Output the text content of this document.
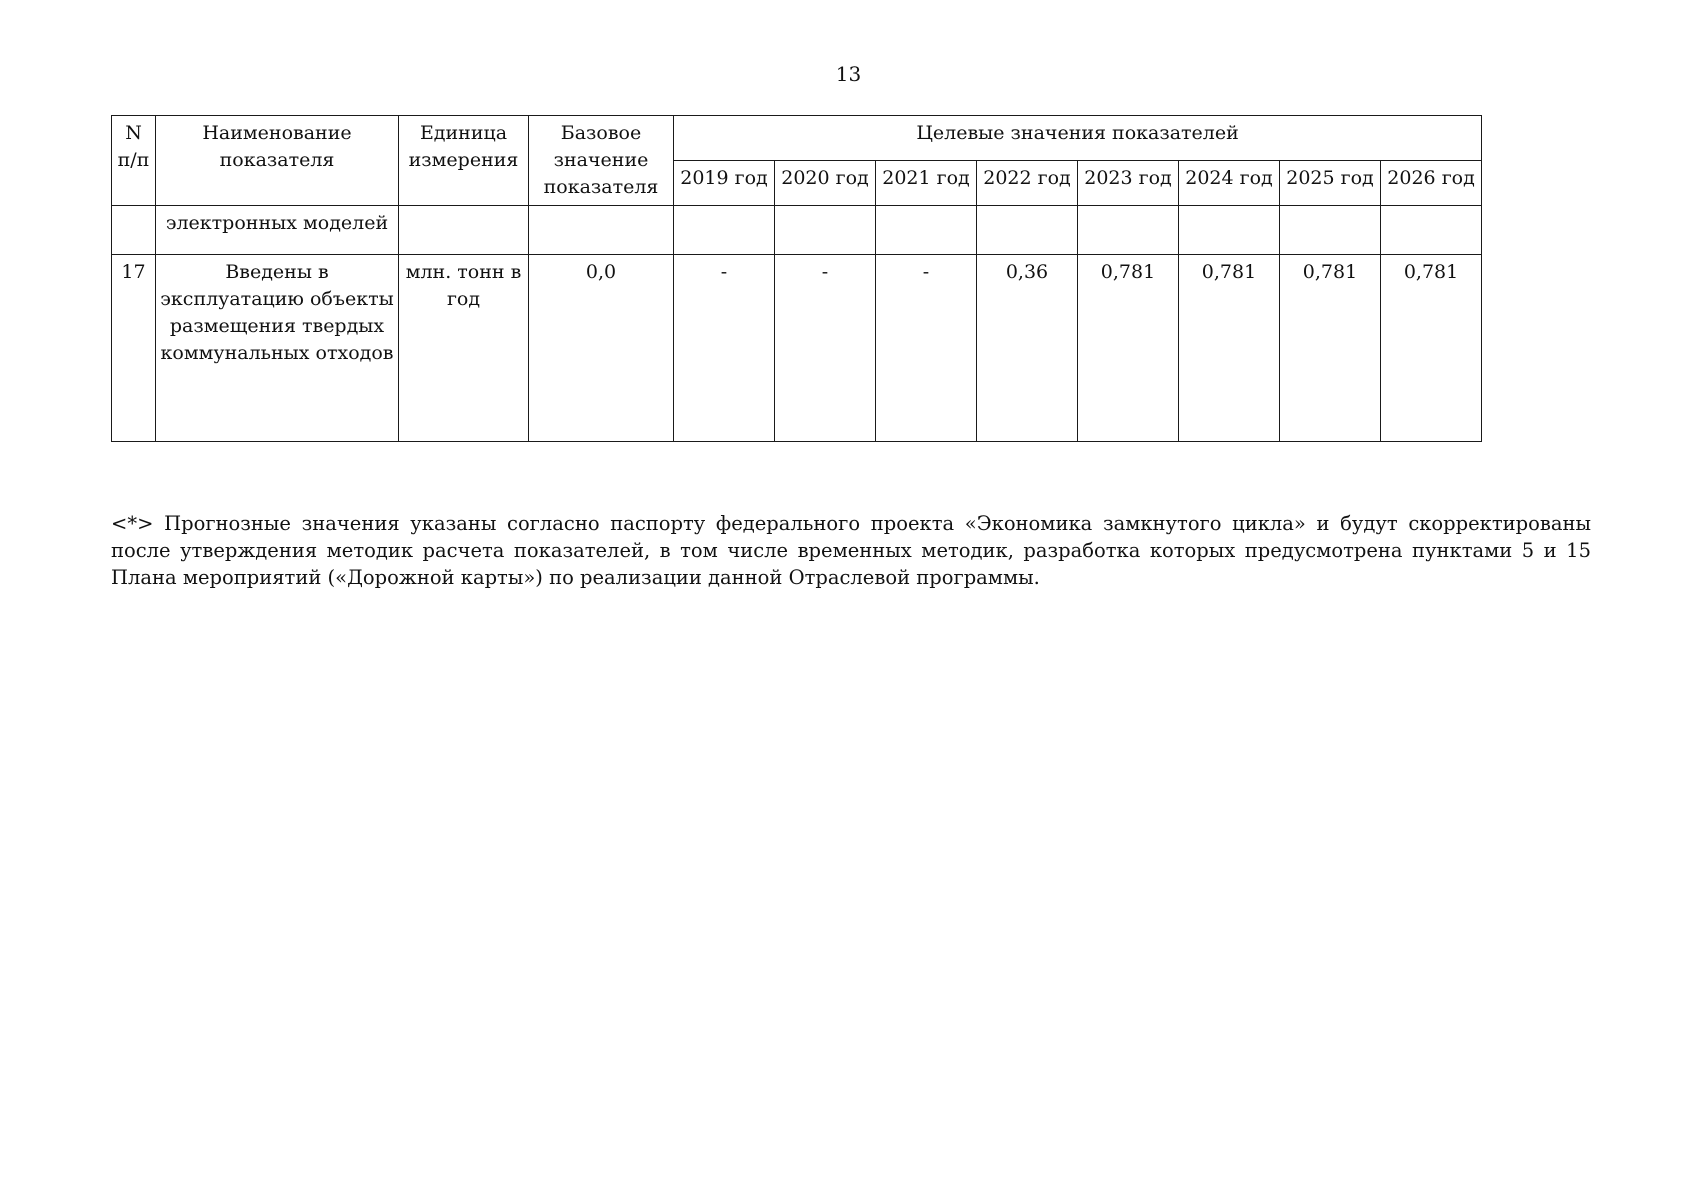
13
N п/п	Наименование показателя	Единица измерения	Базовое значение показателя	Целевые значения показателей							
				2019 год	2020 год	2021 год	2022 год	2023 год	2024 год	2025 год	2026 год
	электронных моделей										
17	Введены в эксплуатацию объекты размещения твердых коммунальных отходов	млн. тонн в год	0,0	-	-	-	0,36	0,781	0,781	0,781	0,781
<*> Прогнозные значения указаны согласно паспорту федерального проекта «Экономика замкнутого цикла» и будут скорректированы после утверждения методик расчета показателей, в том числе временных методик, разработка которых предусмотрена пунктами 5 и 15 Плана мероприятий («Дорожной карты») по реализации данной Отраслевой программы.
